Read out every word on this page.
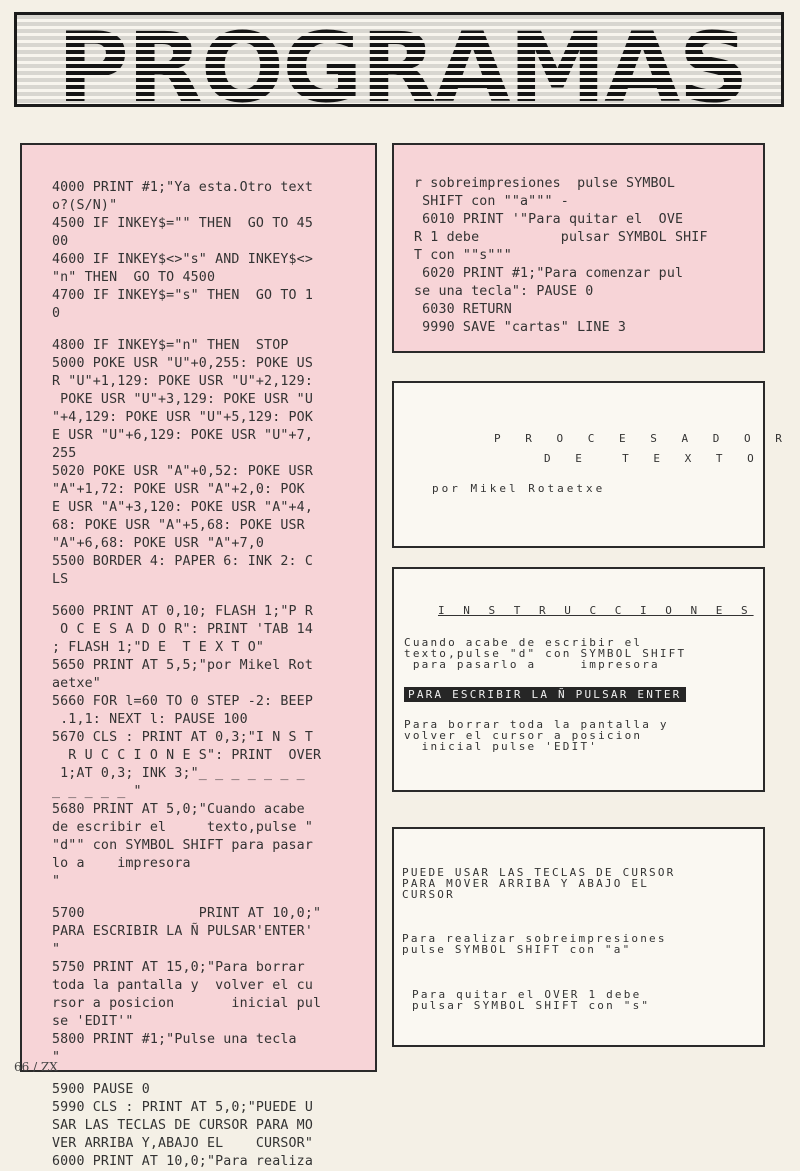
4000 PRINT #1;"Ya esta.Otro text
o?(S/N)"
4500 IF INKEY$="" THEN  GO TO 45
00
4600 IF INKEY$<>"s" AND INKEY$<>
"n" THEN  GO TO 4500
4700 IF INKEY$="s" THEN  GO TO 1
0
4800 IF INKEY$="n" THEN  STOP
5000 POKE USR "U"+0,255: POKE US
R "U"+1,129: POKE USR "U"+2,129:
POKE USR "U"+3,129: POKE USR "U
"+4,129: POKE USR "U"+5,129: POK
E USR "U"+6,129: POKE USR "U"+7,
255
5020 POKE USR "A"+0,52: POKE USR
"A"+1,72: POKE USR "A"+2,0: POK
E USR "A"+3,120: POKE USR "A"+4,
68: POKE USR "A"+5,68: POKE USR
"A"+6,68: POKE USR "A"+7,0
5500 BORDER 4: PAPER 6: INK 2: C
LS
5600 PRINT AT 0,10; FLASH 1;"P R
O C E S A D O R": PRINT 'TAB 14
; FLASH 1;"D E  T E X T O"
5650 PRINT AT 5,5;"por Mikel Rot
aetxe"
5660 FOR l=60 TO 0 STEP -2: BEEP
.1,1: NEXT l: PAUSE 100
5670 CLS : PRINT AT 0,3;"I N S T
R U C C I O N E S": PRINT  OVER
1;AT 0,3; INK 3;"_ _ _ _ _ _ _
_ _ _ _ _ "
5680 PRINT AT 5,0;"Cuando acabe
de escribir el     texto,pulse "
"d"" con SYMBOL SHIFT para pasar
lo a    impresora
"
5700              PRINT AT 10,0;"
PARA ESCRIBIR LA Ñ PULSAR'ENTER'
"
5750 PRINT AT 15,0;"Para borrar
toda la pantalla y  volver el cu
rsor a posicion       inicial pul
se 'EDIT'"
5800 PRINT #1;"Pulse una tecla
"
5900 PAUSE 0
5990 CLS : PRINT AT 5,0;"PUEDE U
SAR LAS TECLAS DE CURSOR PARA MO
VER ARRIBA Y,ABAJO EL    CURSOR"
6000 PRINT AT 10,0;"Para realiza
r sobreimpresiones  pulse SYMBOL
SHIFT con ""a""" -
6010 PRINT '"Para quitar el  OVE
R 1 debe          pulsar SYMBOL SHIF
T con ""s"""
6020 PRINT #1;"Para comenzar pul
se una tecla": PAUSE 0
6030 RETURN
9990 SAVE "cartas" LINE 3
P R O C E S A D O R
D E  T E X T O
por Mikel Rotaetxe
I N S T R U C C I O N E S
Cuando acabe de escribir el
texto,pulse "d" con SYMBOL SHIFT
para pasarlo a     impresora
PARA ESCRIBIR LA Ñ PULSAR ENTER
Para borrar toda la pantalla y
volver el cursor a posicion
inicial pulse 'EDIT'
PUEDE USAR LAS TECLAS DE CURSOR
PARA MOVER ARRIBA Y ABAJO EL
CURSOR
Para realizar sobreimpresiones
pulse SYMBOL SHIFT con "a"
Para quitar el OVER 1 debe
pulsar SYMBOL SHIFT con "s"
66 / ZX
